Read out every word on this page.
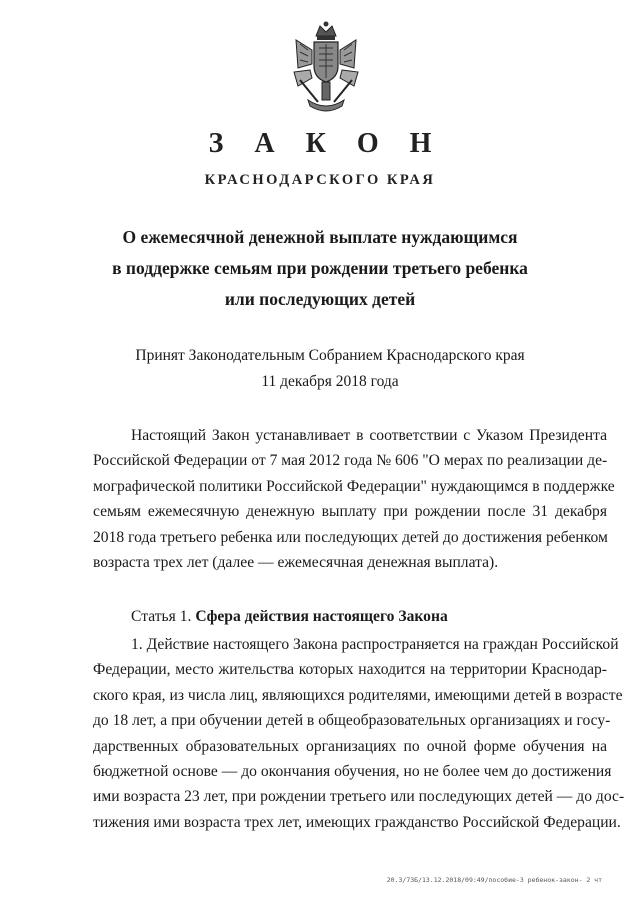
З А К О Н
КРАСНОДАРСКОГО КРАЯ
О ежемесячной денежной выплате нуждающимся
в поддержке семьям при рождении третьего ребенка
или последующих детей
Принят Законодательным Собранием Краснодарского края
11 декабря 2018 года
Настоящий Закон устанавливает в соответствии с Указом Президента
Российской Федерации от 7 мая 2012 года № 606 "О мерах по реализации де-
мографической политики Российской Федерации" нуждающимся в поддержке
семьям ежемесячную денежную выплату при рождении после 31 декабря
2018 года третьего ребенка или последующих детей до достижения ребенком
возраста трех лет (далее — ежемесячная денежная выплата).
Статья 1. Сфера действия настоящего Закона
1. Действие настоящего Закона распространяется на граждан Российской
Федерации, место жительства которых находится на территории Краснодар-
ского края, из числа лиц, являющихся родителями, имеющими детей в возрасте
до 18 лет, а при обучении детей в общеобразовательных организациях и госу-
дарственных образовательных организациях по очной форме обучения на
бюджетной основе — до окончания обучения, но не более чем до достижения
ими возраста 23 лет, при рождении третьего или последующих детей — до дос-
тижения ими возраста трех лет, имеющих гражданство Российской Федерации.
20.3/73Б/13.12.2018/09:49/пособие-3 ребенок-закон- 2 чт
